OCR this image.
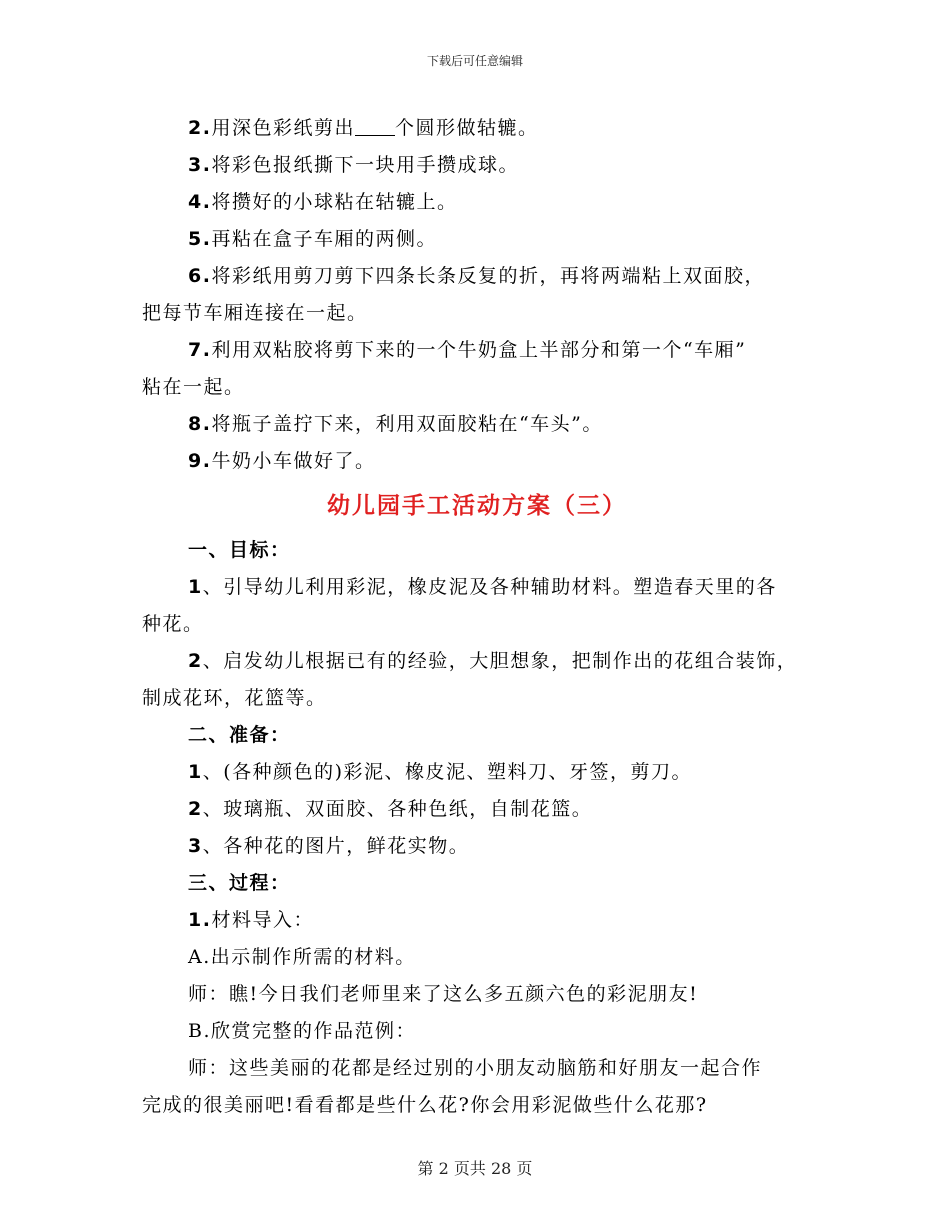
下载后可任意编辑

2.用深色彩纸剪出 个圆形做轱辘。

3.将彩色报纸撕下一块用手攒成球。

4.将攒好的小球粘在轱辘上。

5.再粘在盒子车厢的两侧。

6.将彩纸用剪刀剪下四条长条反复的折，再将两端粘上双面胶，

把每节车厢连接在一起。

7.利用双粘胶将剪下来的一个牛奶盒上半部分和第一个“车厢”

粘在一起。

8.将瓶子盖拧下来，利用双面胶粘在“车头”。

9.牛奶小车做好了。

幼儿园手工活动方案（三）

一、目标：

1、引导幼儿利用彩泥，橡皮泥及各种辅助材料。塑造春天里的各

种花。

2、启发幼儿根据已有的经验，大胆想象，把制作出的花组合装饰，

制成花环，花篮等。

二、准备：

1、(各种颜色的)彩泥、橡皮泥、塑料刀、牙签，剪刀。

2、玻璃瓶、双面胶、各种色纸，自制花篮。

3、各种花的图片，鲜花实物。

三、过程：

1.材料导入：

A.出示制作所需的材料。

师：瞧!今日我们老师里来了这么多五颜六色的彩泥朋友!

B.欣赏完整的作品范例：

师：这些美丽的花都是经过别的小朋友动脑筋和好朋友一起合作

完成的很美丽吧!看看都是些什么花?你会用彩泥做些什么花那?

第 2 页共 28 页
